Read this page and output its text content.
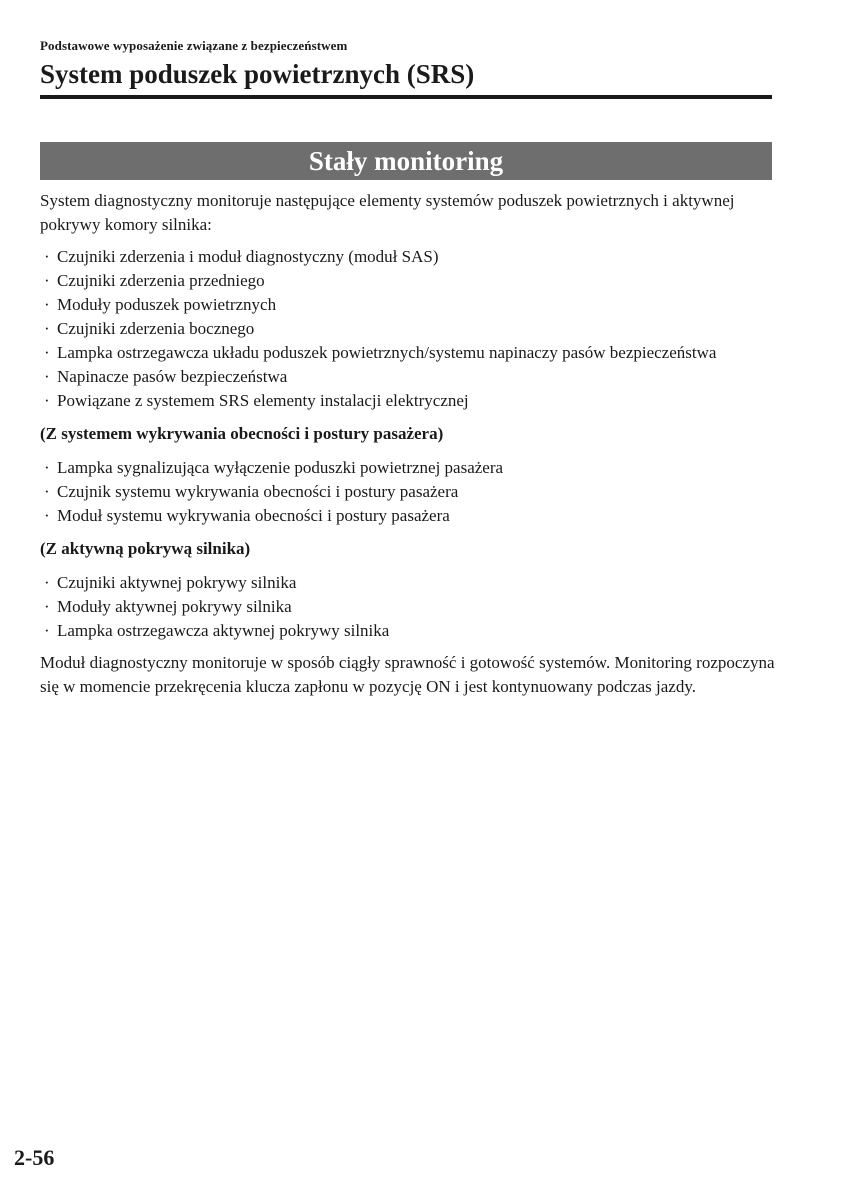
Podstawowe wyposażenie związane z bezpieczeństwem
System poduszek powietrznych (SRS)
Stały monitoring

System diagnostyczny monitoruje następujące elementy systemów poduszek powietrznych i aktywnej pokrywy komory silnika:

· Czujniki zderzenia i moduł diagnostyczny (moduł SAS)
· Czujniki zderzenia przedniego
· Moduły poduszek powietrznych
· Czujniki zderzenia bocznego
· Lampka ostrzegawcza układu poduszek powietrznych/systemu napinaczy pasów bezpieczeństwa
· Napinacze pasów bezpieczeństwa
· Powiązane z systemem SRS elementy instalacji elektrycznej

(Z systemem wykrywania obecności i postury pasażera)

· Lampka sygnalizująca wyłączenie poduszki powietrznej pasażera
· Czujnik systemu wykrywania obecności i postury pasażera
· Moduł systemu wykrywania obecności i postury pasażera

(Z aktywną pokrywą silnika)

· Czujniki aktywnej pokrywy silnika
· Moduły aktywnej pokrywy silnika
· Lampka ostrzegawcza aktywnej pokrywy silnika

Moduł diagnostyczny monitoruje w sposób ciągły sprawność i gotowość systemów. Monitoring rozpoczyna się w momencie przekręcenia klucza zapłonu w pozycję ON i jest kontynuowany podczas jazdy.

2-56
